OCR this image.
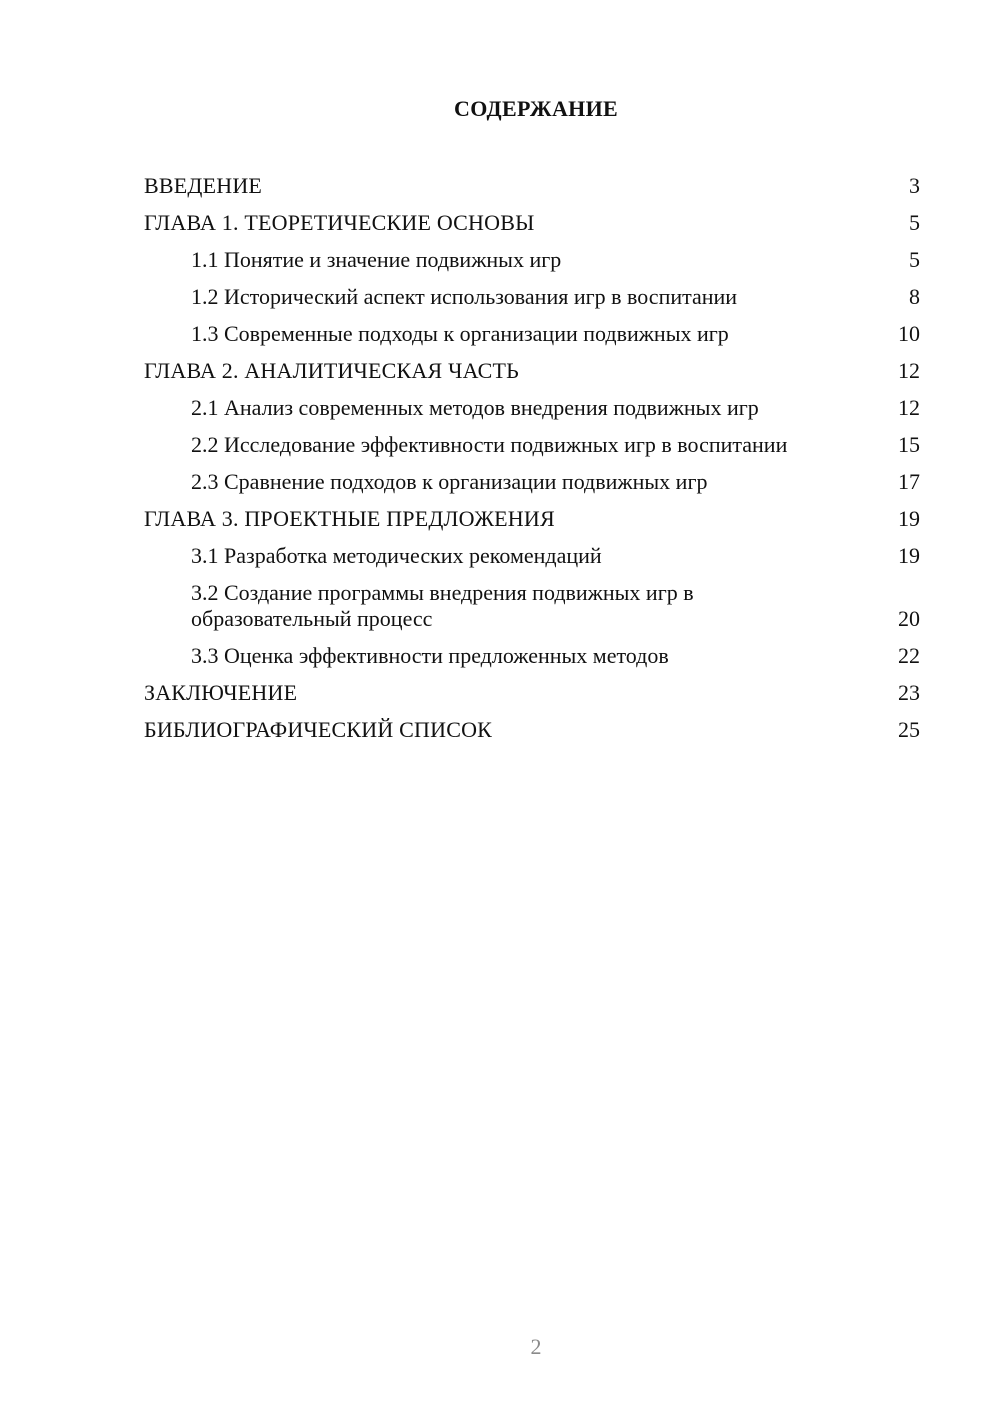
СОДЕРЖАНИЕ
ВВЕДЕНИЕ	3
ГЛАВА 1. ТЕОРЕТИЧЕСКИЕ ОСНОВЫ	5
1.1 Понятие и значение подвижных игр	5
1.2 Исторический аспект использования игр в воспитании	8
1.3 Современные подходы к организации подвижных игр	10
ГЛАВА 2. АНАЛИТИЧЕСКАЯ ЧАСТЬ	12
2.1 Анализ современных методов внедрения подвижных игр	12
2.2 Исследование эффективности подвижных игр в воспитании	15
2.3 Сравнение подходов к организации подвижных игр	17
ГЛАВА 3. ПРОЕКТНЫЕ ПРЕДЛОЖЕНИЯ	19
3.1 Разработка методических рекомендаций	19
3.2 Создание программы внедрения подвижных игр в образовательный процесс	20
3.3 Оценка эффективности предложенных методов	22
ЗАКЛЮЧЕНИЕ	23
БИБЛИОГРАФИЧЕСКИЙ СПИСОК	25
2
